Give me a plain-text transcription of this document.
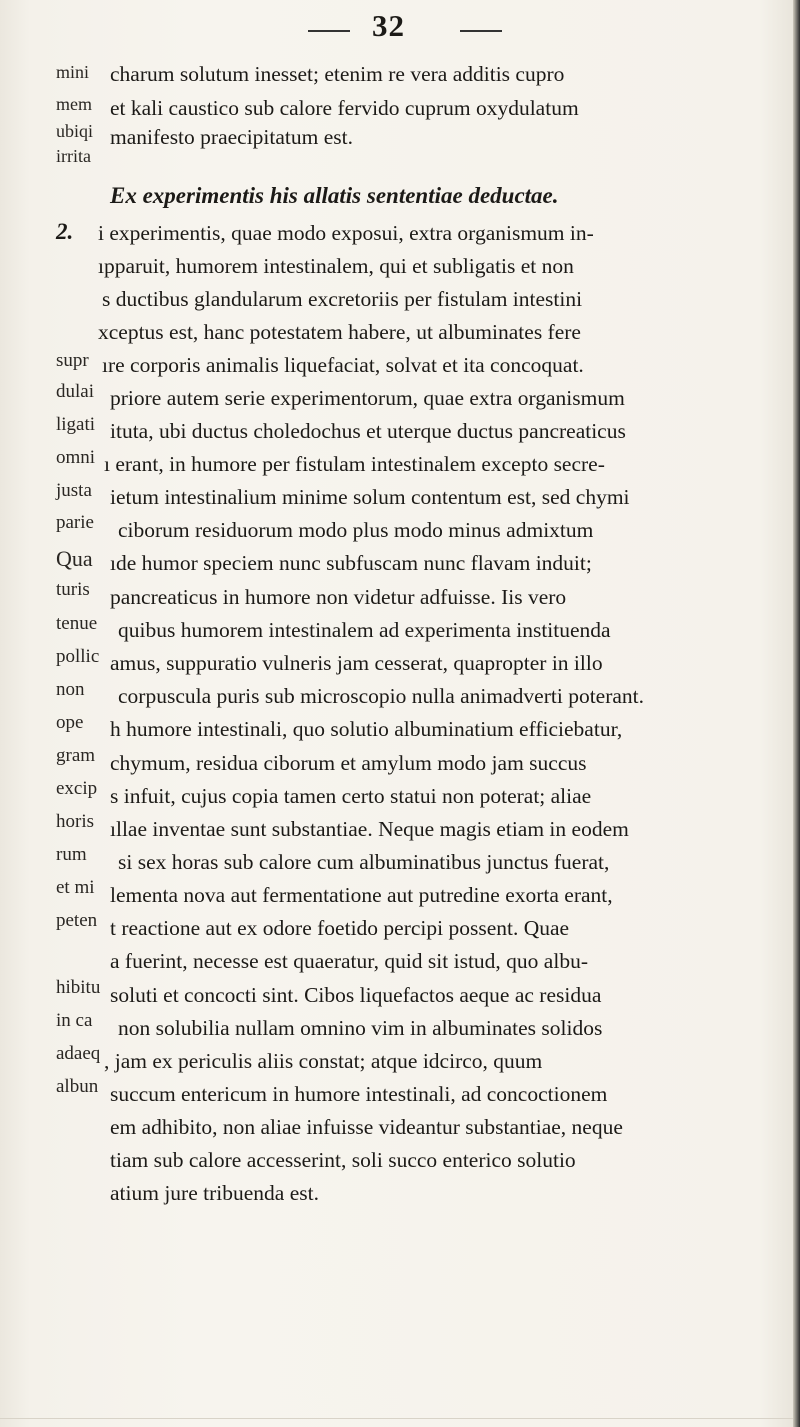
32
mini charum solutum inesset; etenim re vera additis cupro
mem et kali caustico sub calore fervido cuprum oxydulatum
ubiqi manifesto praecipitatum est.
irrita
Ex experimentis his allatis sententiae deductae.
2. i experimentis, quae modo exposui, extra organismum in-
ıpparuit, humorem intestinalem, qui et subligatis et non
s ductibus glandularum excretoriis per fistulam intestini
xceptus est, hanc potestatem habere, ut albuminates fere
supr ıre corporis animalis liquefaciat, solvat et ita concoquat.
dulai priore autem serie experimentorum, quae extra organismum
ligati ituta, ubi ductus choledochus et uterque ductus pancreaticus
omni ı erant, in humore per fistulam intestinalem excepto secre-
justa ietum intestinalium minime solum contentum est, sed chymi
parie ciborum residuorum modo plus modo minus admixtum
Qua ıde humor speciem nunc subfuscam nunc flavam induit;
turis pancreaticus in humore non videtur adfuisse. Iis vero
tenue quibus humorem intestinalem ad experimenta instituenda
pollic amus, suppuratio vulneris jam cesserat, quapropter in illo
non corpuscula puris sub microscopio nulla animadverti poterant.
ope h humore intestinali, quo solutio albuminatium efficiebatur,
gram chymum, residua ciborum et amylum modo jam succus
excip s infuit, cujus copia tamen certo statui non poterat; aliae
horis ıllae inventae sunt substantiae. Neque magis etiam in eodem
rum si sex horas sub calore cum albuminatibus junctus fuerat,
et mi lementa nova aut fermentatione aut putredine exorta erant,
peten t reactione aut ex odore foetido percipi possent. Quae
a fuerint, necesse est quaeratur, quid sit istud, quo albu-
hibitu soluti et concocti sint. Cibos liquefactos aeque ac residua
in ca non solubilia nullam omnino vim in albuminates solidos
adaeq , jam ex periculis aliis constat; atque idcirco, quum
albun succum entericum in humore intestinali, ad concoctionem
em adhibito, non aliae infuisse videantur substantiae, neque
tiam sub calore accesserint, soli succo enterico solutio
atium jure tribuenda est.
